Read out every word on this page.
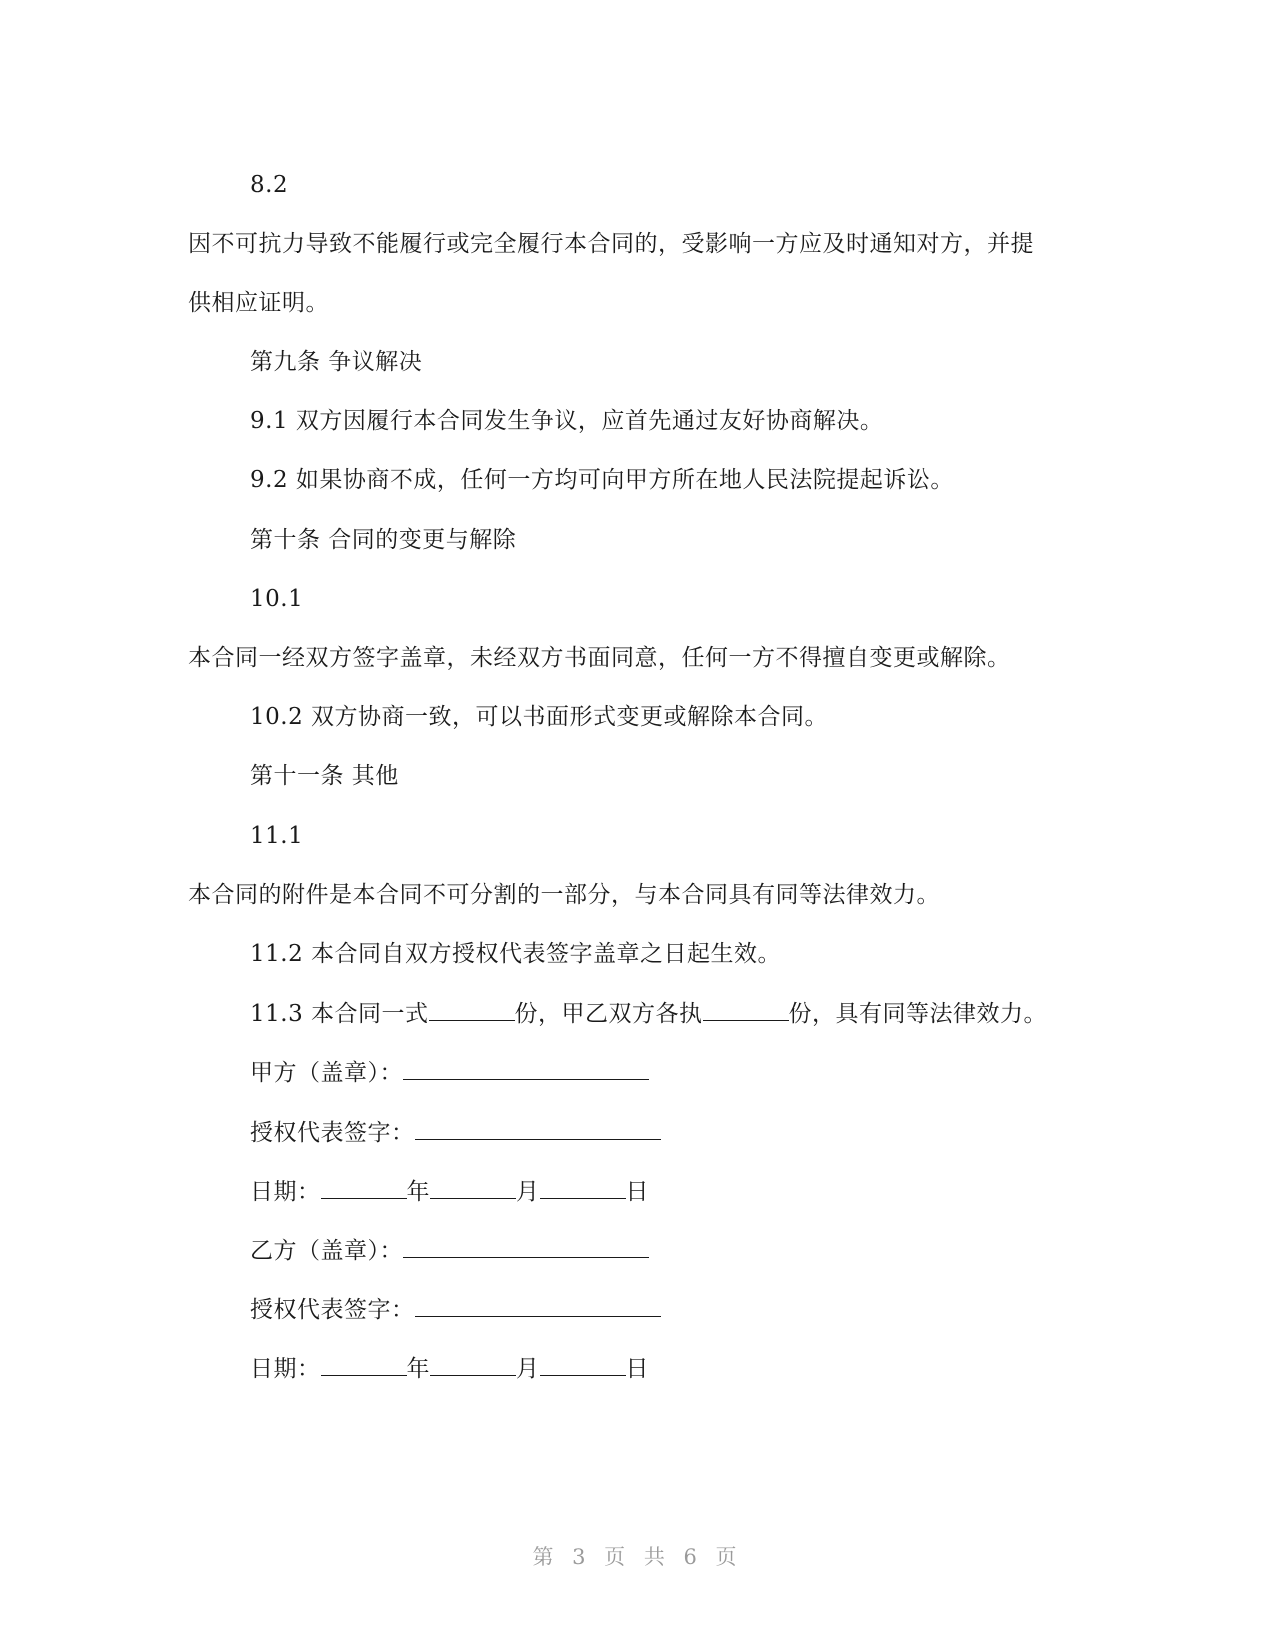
8.2
因不可抗力导致不能履行或完全履行本合同的，受影响一方应及时通知对方，并提
供相应证明。
第九条 争议解决
9.1 双方因履行本合同发生争议，应首先通过友好协商解决。
9.2 如果协商不成，任何一方均可向甲方所在地人民法院提起诉讼。
第十条 合同的变更与解除
10.1
本合同一经双方签字盖章，未经双方书面同意，任何一方不得擅自变更或解除。
10.2 双方协商一致，可以书面形式变更或解除本合同。
第十一条 其他
11.1
本合同的附件是本合同不可分割的一部分，与本合同具有同等法律效力。
11.2 本合同自双方授权代表签字盖章之日起生效。
11.3 本合同一式	份，甲乙双方各执	份，具有同等法律效力。
甲方（盖章）：
授权代表签字：
日期：	年	月	日
乙方（盖章）：
授权代表签字：
日期：	年	月	日
第 3 页 共 6 页
